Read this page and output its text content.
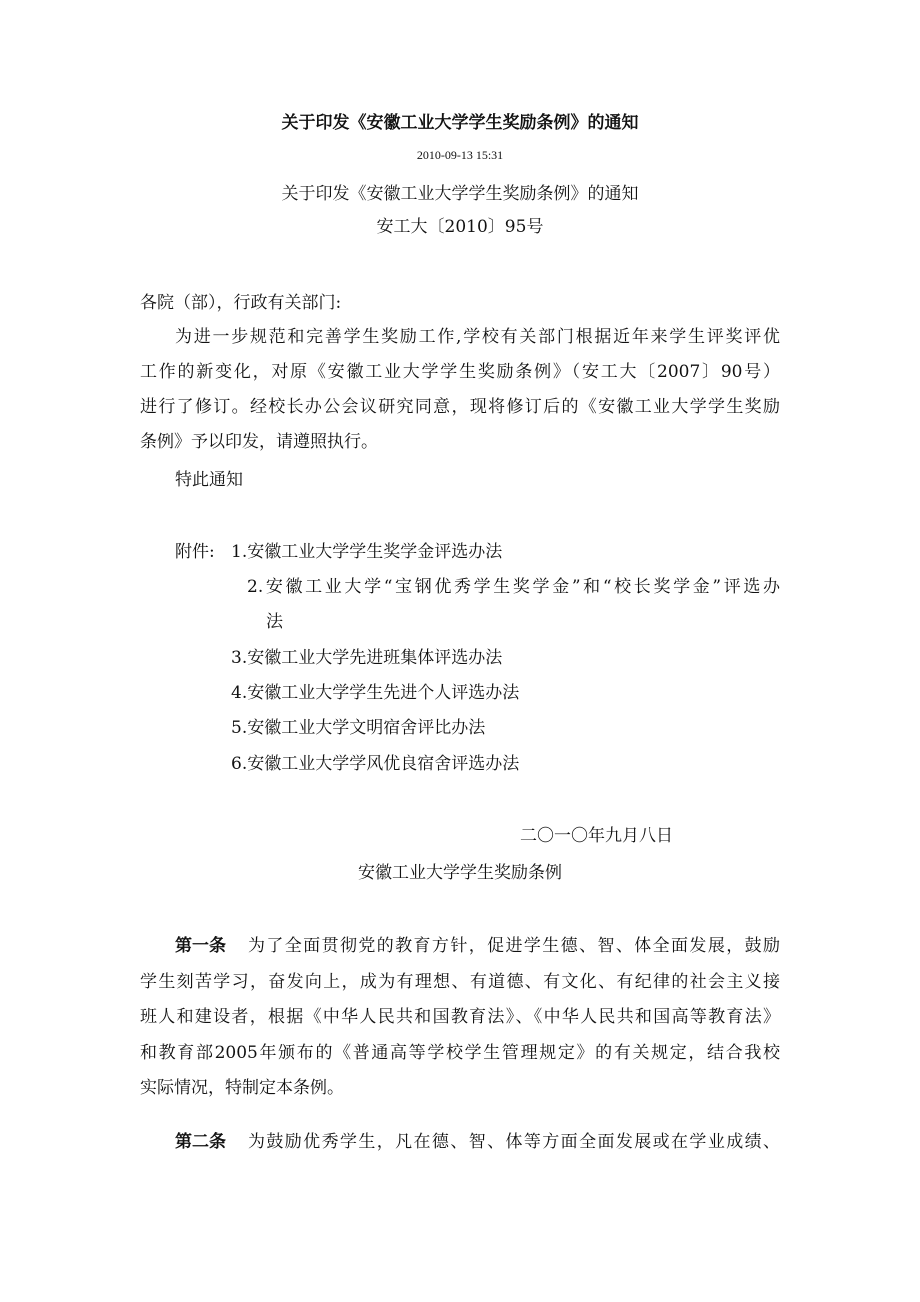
关于印发《安徽工业大学学生奖励条例》的通知
2010-09-13 15:31
关于印发《安徽工业大学学生奖励条例》的通知
安工大〔2010〕95号
各院（部），行政有关部门:
为进一步规范和完善学生奖励工作,学校有关部门根据近年来学生评奖评优
工作的新变化，对原《安徽工业大学学生奖励条例》（安工大〔2007〕90号）
进行了修订。经校长办公会议研究同意，现将修订后的《安徽工业大学学生奖励
条例》予以印发，请遵照执行。
特此通知
附件: 1.安徽工业大学学生奖学金评选办法
2.安徽工业大学“宝钢优秀学生奖学金”和“校长奖学金”评选办
法
3.安徽工业大学先进班集体评选办法
4.安徽工业大学学生先进个人评选办法
5.安徽工业大学文明宿舍评比办法
6.安徽工业大学学风优良宿舍评选办法
二〇一〇年九月八日
安徽工业大学学生奖励条例
第一条 为了全面贯彻党的教育方针，促进学生德、智、体全面发展，鼓励
学生刻苦学习，奋发向上，成为有理想、有道德、有文化、有纪律的社会主义接
班人和建设者，根据《中华人民共和国教育法》、《中华人民共和国高等教育法》
和教育部2005年颁布的《普通高等学校学生管理规定》的有关规定，结合我校
实际情况，特制定本条例。
第二条 为鼓励优秀学生，凡在德、智、体等方面全面发展或在学业成绩、
